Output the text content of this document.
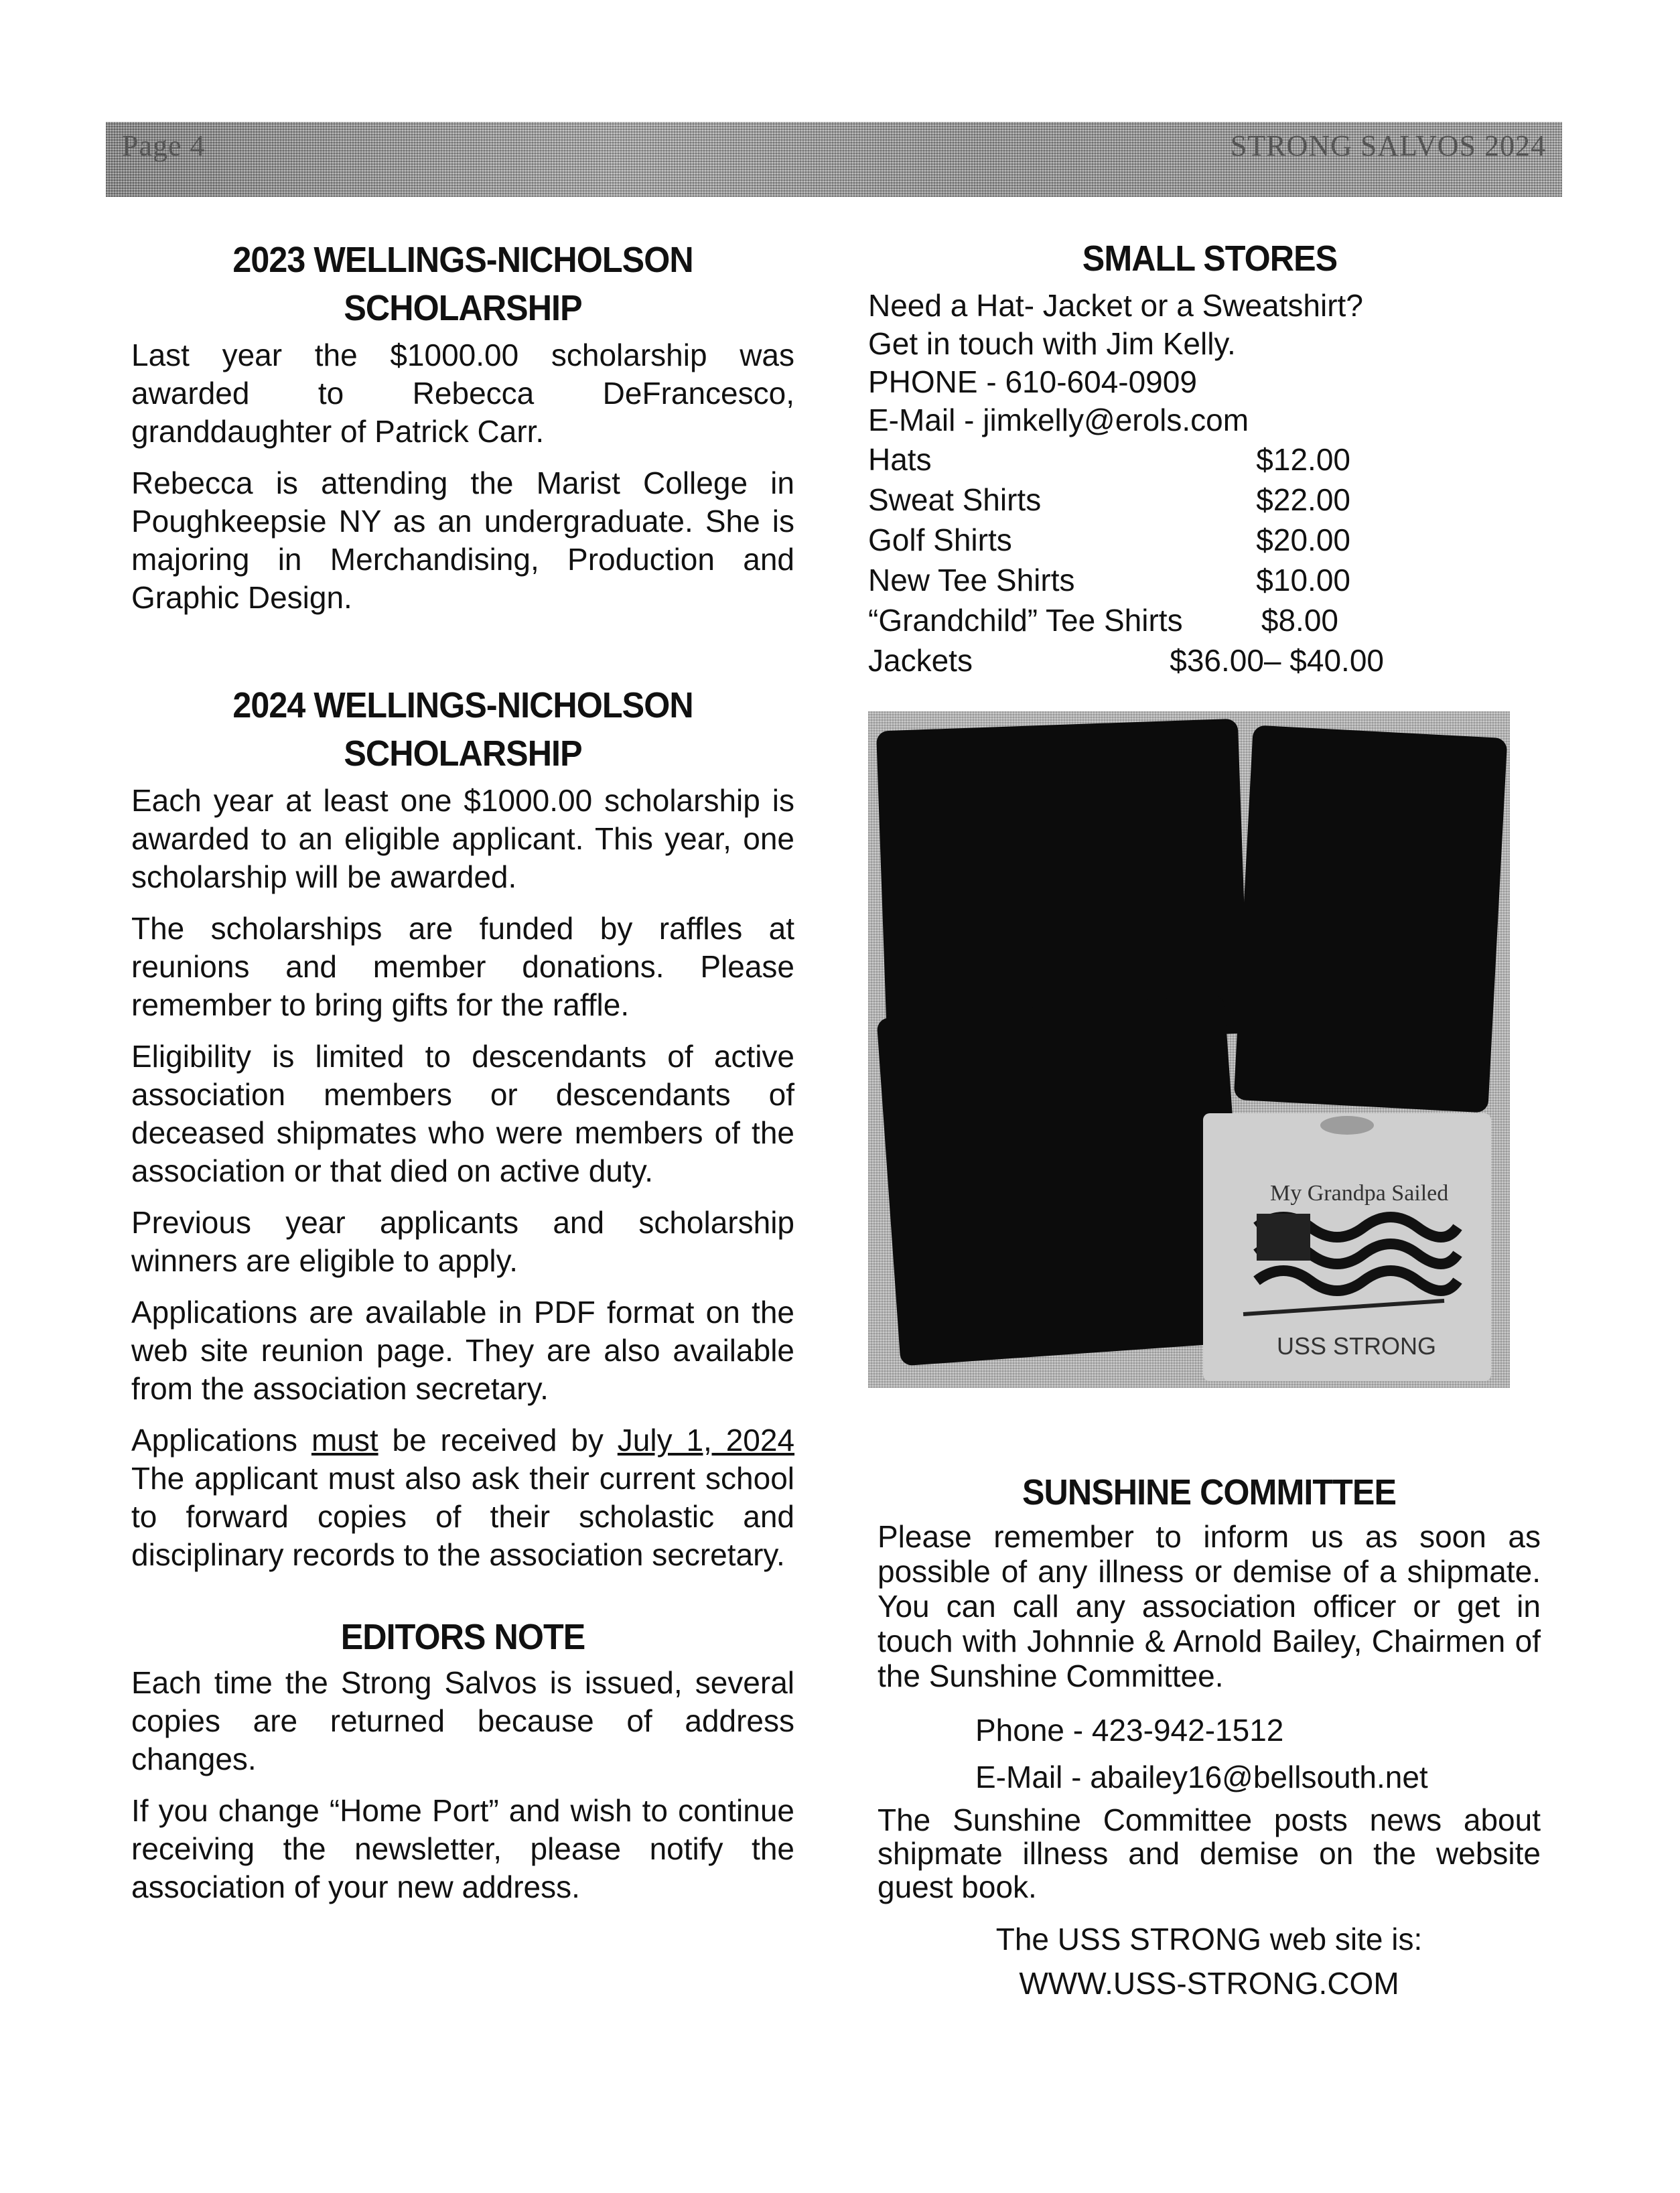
Page 4	STRONG SALVOS 2024
2023 WELLINGS-NICHOLSON
SCHOLARSHIP

Last year the $1000.00 scholarship was awarded to Rebecca DeFrancesco, granddaughter of Patrick Carr.

Rebecca is attending the Marist College in Poughkeepsie NY as an undergraduate. She is majoring in Merchandising, Production and Graphic Design.

2024 WELLINGS-NICHOLSON
SCHOLARSHIP

Each year at least one $1000.00 scholarship is awarded to an eligible applicant. This year, one scholarship will be awarded.

The scholarships are funded by raffles at reunions and member donations. Please remember to bring gifts for the raffle.

Eligibility is limited to descendants of active association members or descendants of deceased shipmates who were members of the association or that died on active duty.

Previous year applicants and scholarship winners are eligible to apply.

Applications are available in PDF format on the web site reunion page. They are also available from the association secretary.

Applications must be received by July 1, 2024 The applicant must also ask their current school to forward copies of their scholastic and disciplinary records to the association secretary.

EDITORS NOTE

Each time the Strong Salvos is issued, several copies are returned because of address changes.

If you change “Home Port” and wish to continue receiving the newsletter, please notify the association of your new address.

SMALL STORES
Need a Hat- Jacket or a Sweatshirt?
Get in touch with Jim Kelly.
PHONE - 610-604-0909
E-Mail - jimkelly@erols.com
Hats	$12.00
Sweat Shirts	$22.00
Golf Shirts	$20.00
New Tee Shirts	$10.00
“Grandchild” Tee Shirts	$8.00
Jackets	$36.00– $40.00
My Grandpa Sailed
USS STRONG
SUNSHINE COMMITTEE

Please remember to inform us as soon as possible of any illness or demise of a shipmate. You can call any association officer or get in touch with Johnnie & Arnold Bailey, Chairmen of the Sunshine Committee.

Phone - 423-942-1512
E-Mail - abailey16@bellsouth.net

The Sunshine Committee posts news about shipmate illness and demise on the website guest book.

The USS STRONG web site is:
WWW.USS-STRONG.COM
